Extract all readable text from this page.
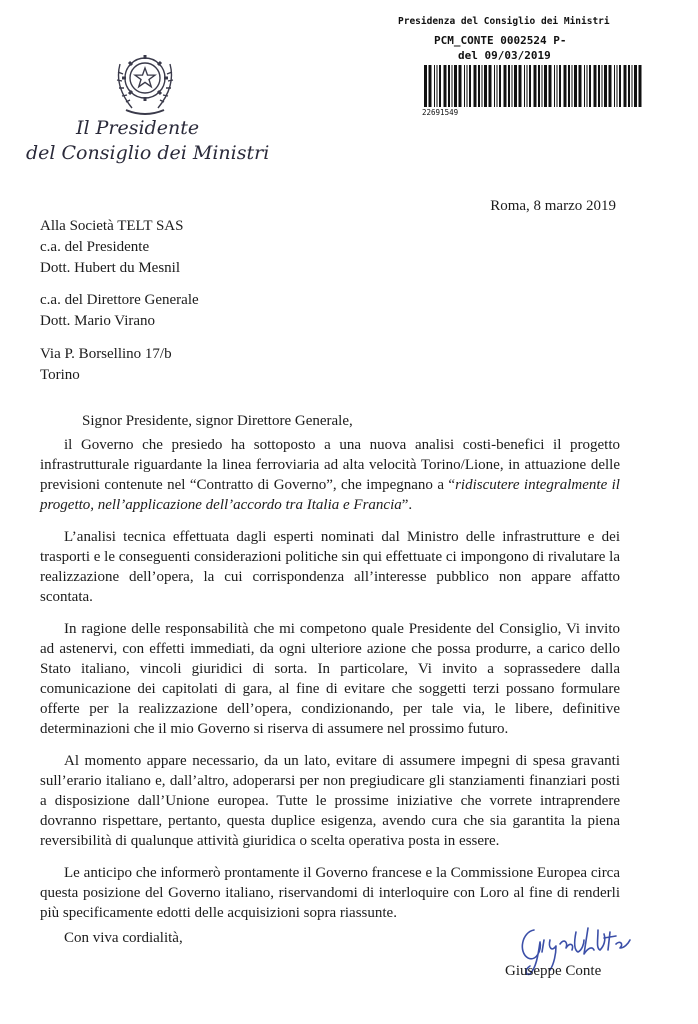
Presidenza del Consiglio dei Ministri
PCM_CONTE 0002524 P-
del 09/03/2019
22691549
Il Presidente
del Consiglio dei Ministri
Roma, 8 marzo 2019
Alla Società TELT SAS
c.a. del Presidente
Dott. Hubert du Mesnil
c.a. del Direttore Generale
Dott. Mario Virano
Via P. Borsellino 17/b
Torino
Signor Presidente, signor Direttore Generale,

il Governo che presiedo ha sottoposto a una nuova analisi costi-benefici il progetto infrastrutturale riguardante la linea ferroviaria ad alta velocità Torino/Lione, in attuazione delle previsioni contenute nel “Contratto di Governo”, che impegnano a “ridiscutere integralmente il progetto, nell’applicazione dell’accordo tra Italia e Francia”.

L’analisi tecnica effettuata dagli esperti nominati dal Ministro delle infrastrutture e dei trasporti e le conseguenti considerazioni politiche sin qui effettuate ci impongono di rivalutare la realizzazione dell’opera, la cui corrispondenza all’interesse pubblico non appare affatto scontata.

In ragione delle responsabilità che mi competono quale Presidente del Consiglio, Vi invito ad astenervi, con effetti immediati, da ogni ulteriore azione che possa produrre, a carico dello Stato italiano, vincoli giuridici di sorta. In particolare, Vi invito a soprassedere dalla comunicazione dei capitolati di gara, al fine di evitare che soggetti terzi possano formulare offerte per la realizzazione dell’opera, condizionando, per tale via, le libere, definitive determinazioni che il mio Governo si riserva di assumere nel prossimo futuro.

Al momento appare necessario, da un lato, evitare di assumere impegni di spesa gravanti sull’erario italiano e, dall’altro, adoperarsi per non pregiudicare gli stanziamenti finanziari posti a disposizione dall’Unione europea. Tutte le prossime iniziative che vorrete intraprendere dovranno rispettare, pertanto, questa duplice esigenza, avendo cura che sia garantita la piena reversibilità di qualunque attività giuridica o scelta operativa posta in essere.

Le anticipo che informerò prontamente il Governo francese e la Commissione Europea circa questa posizione del Governo italiano, riservandomi di interloquire con Loro al fine di renderli più specificamente edotti delle acquisizioni sopra riassunte.

Con viva cordialità,
Giuseppe Conte
